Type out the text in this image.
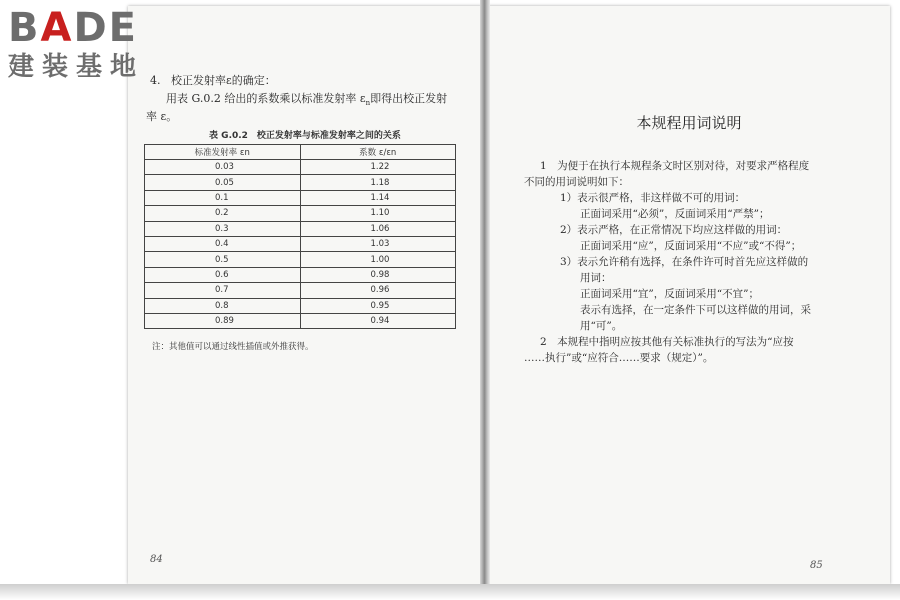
4. 校正发射率ε的确定：
用表 G.0.2 给出的系数乘以标准发射率 $\varepsilon_n$即得出校正发射
率 ε。
表 G.0.2　校正发射率与标准发射率之间的关系
标准发射率 εn	系数 ε/εn
0.03	1.22
0.05	1.18
0.1	1.14
0.2	1.10
0.3	1.06
0.4	1.03
0.5	1.00
0.6	0.98
0.7	0.96
0.8	0.95
0.89	0.94
注：其他值可以通过线性插值或外推获得。
84
本规程用词说明
1　为便于在执行本规程条文时区别对待，对要求严格程度
不同的用词说明如下：
1）表示很严格，非这样做不可的用词：
正面词采用“必须”，反面词采用“严禁”；
2）表示严格，在正常情况下均应这样做的用词：
正面词采用“应”，反面词采用“不应”或“不得”；
3）表示允许稍有选择，在条件许可时首先应这样做的
用词：
正面词采用“宜”，反面词采用“不宜”；
表示有选择，在一定条件下可以这样做的用词，采
用“可”。
2　本规程中指明应按其他有关标准执行的写法为“应按
……执行”或“应符合……要求（规定）”。
85
BADE
建装基地
